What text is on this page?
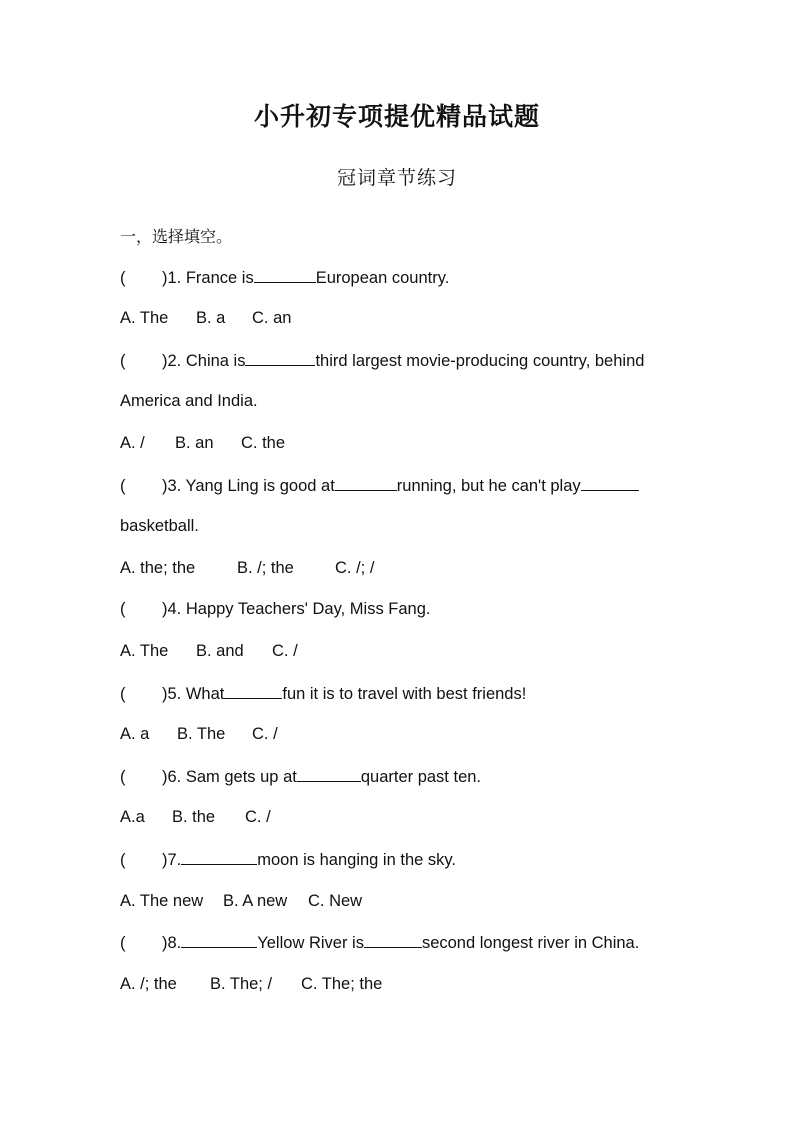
小升初专项提优精品试题
冠词章节练习
一，选择填空。
( )1. France is	European country.
A. The B. a C. an
( )2. China is	third largest movie-producing country, behind
America and India.
A. / B. an C. the
( )3. Yang Ling is good at	running, but he can't play
basketball.
A. the; the	B. /; the C. /; /
( )4. Happy Teachers' Day, Miss Fang.
A. The B. and C. /
( )5. What	fun it is to travel with best friends!
A. a B. The C. /
( )6. Sam gets up at	quarter past ten.
A.a B. the C. /
( )7.	moon is hanging in the sky.
A. The new B. A new C. New
( )8.	Yellow River is	second longest river in China.
A. /; the B. The; / C. The; the
